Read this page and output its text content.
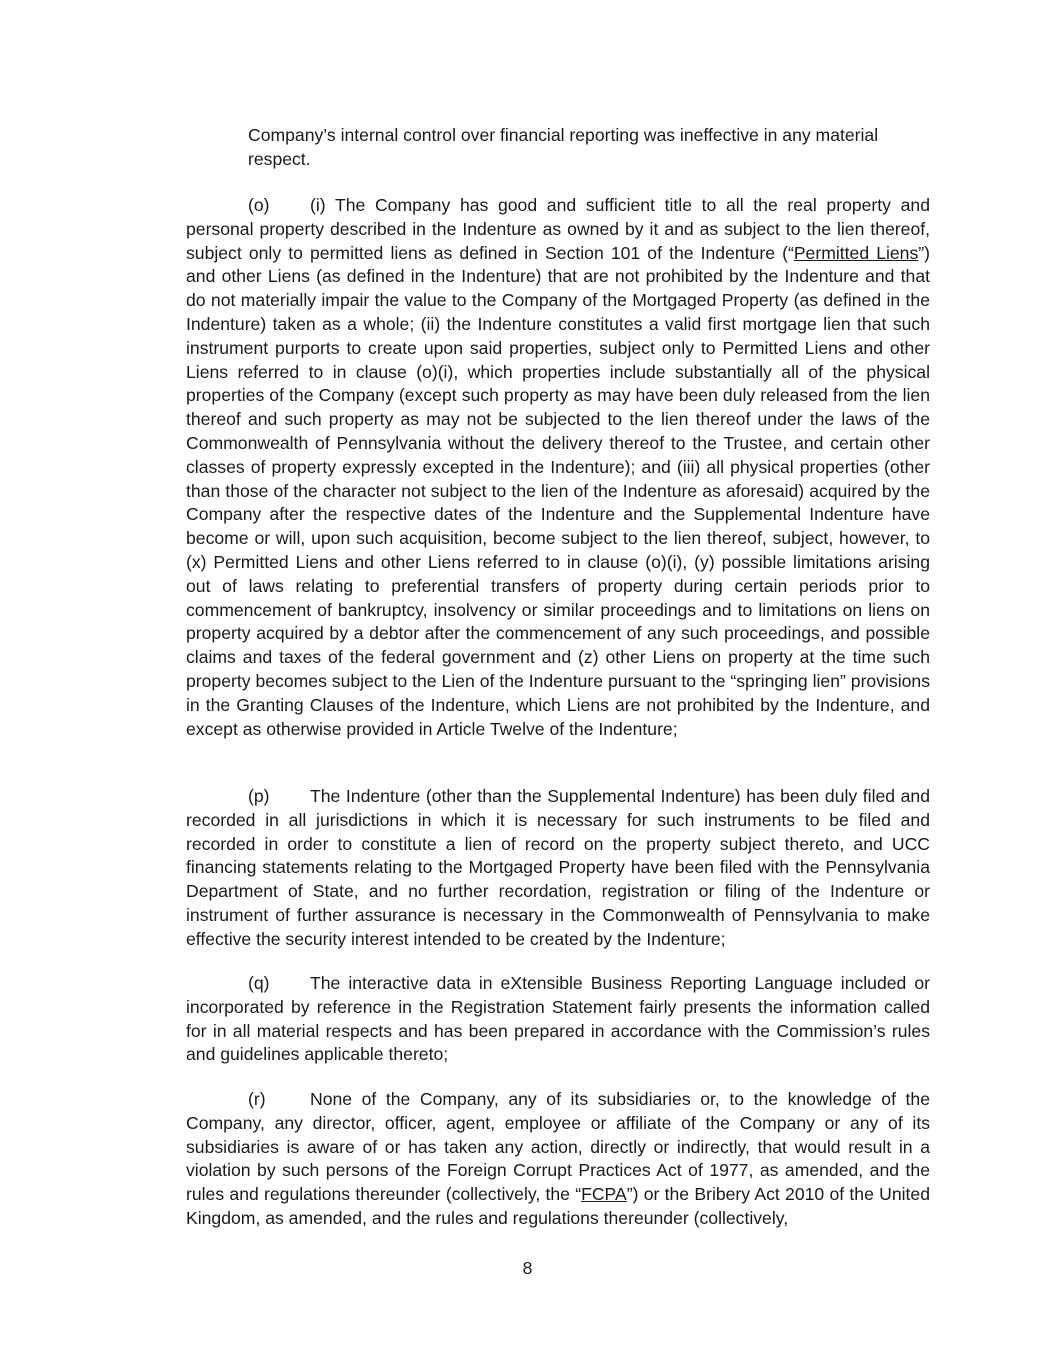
Company’s internal control over financial reporting was ineffective in any material respect.
(o) (i) The Company has good and sufficient title to all the real property and personal property described in the Indenture as owned by it and as subject to the lien thereof, subject only to permitted liens as defined in Section 101 of the Indenture (“Permitted Liens”) and other Liens (as defined in the Indenture) that are not prohibited by the Indenture and that do not materially impair the value to the Company of the Mortgaged Property (as defined in the Indenture) taken as a whole; (ii) the Indenture constitutes a valid first mortgage lien that such instrument purports to create upon said properties, subject only to Permitted Liens and other Liens referred to in clause (o)(i), which properties include substantially all of the physical properties of the Company (except such property as may have been duly released from the lien thereof and such property as may not be subjected to the lien thereof under the laws of the Commonwealth of Pennsylvania without the delivery thereof to the Trustee, and certain other classes of property expressly excepted in the Indenture); and (iii) all physical properties (other than those of the character not subject to the lien of the Indenture as aforesaid) acquired by the Company after the respective dates of the Indenture and the Supplemental Indenture have become or will, upon such acquisition, become subject to the lien thereof, subject, however, to (x) Permitted Liens and other Liens referred to in clause (o)(i), (y) possible limitations arising out of laws relating to preferential transfers of property during certain periods prior to commencement of bankruptcy, insolvency or similar proceedings and to limitations on liens on property acquired by a debtor after the commencement of any such proceedings, and possible claims and taxes of the federal government and (z) other Liens on property at the time such property becomes subject to the Lien of the Indenture pursuant to the “springing lien” provisions in the Granting Clauses of the Indenture, which Liens are not prohibited by the Indenture, and except as otherwise provided in Article Twelve of the Indenture;
(p) The Indenture (other than the Supplemental Indenture) has been duly filed and recorded in all jurisdictions in which it is necessary for such instruments to be filed and recorded in order to constitute a lien of record on the property subject thereto, and UCC financing statements relating to the Mortgaged Property have been filed with the Pennsylvania Department of State, and no further recordation, registration or filing of the Indenture or instrument of further assurance is necessary in the Commonwealth of Pennsylvania to make effective the security interest intended to be created by the Indenture;
(q) The interactive data in eXtensible Business Reporting Language included or incorporated by reference in the Registration Statement fairly presents the information called for in all material respects and has been prepared in accordance with the Commission’s rules and guidelines applicable thereto;
(r)	None of the Company, any of its subsidiaries or, to the knowledge of the Company, any director, officer, agent, employee or affiliate of the Company or any of its subsidiaries is aware of or has taken any action, directly or indirectly, that would result in a violation by such persons of the Foreign Corrupt Practices Act of 1977, as amended, and the rules and regulations thereunder (collectively, the “FCPA”) or the Bribery Act 2010 of the United Kingdom, as amended, and the rules and regulations thereunder (collectively,
8
